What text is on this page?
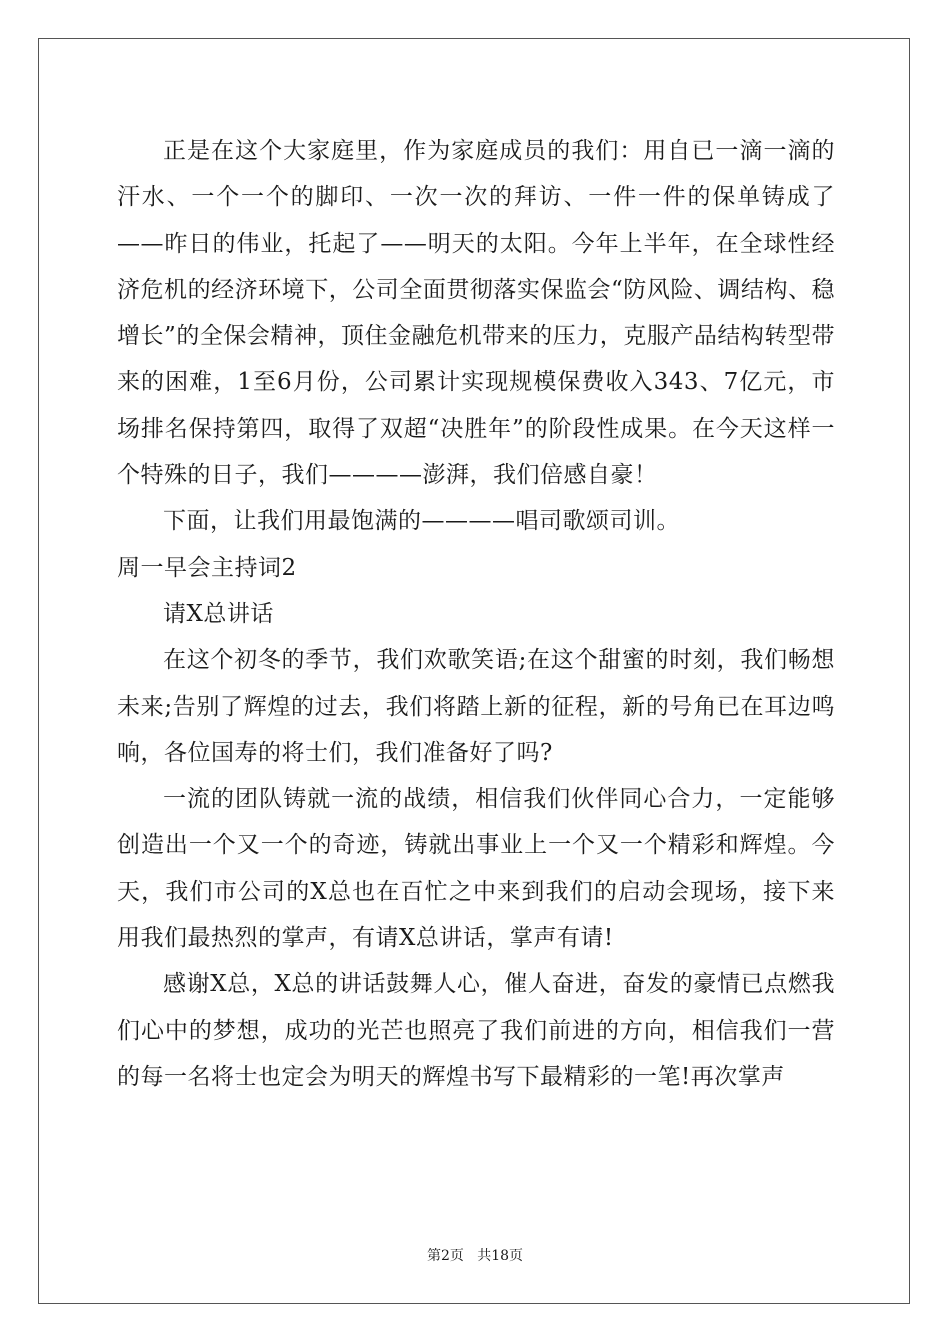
正是在这个大家庭里，作为家庭成员的我们：用自已一滴一滴的汗水、一个一个的脚印、一次一次的拜访、一件一件的保单铸成了——昨日的伟业，托起了——明天的太阳。今年上半年，在全球性经济危机的经济环境下，公司全面贯彻落实保监会“防风险、调结构、稳增长”的全保会精神，顶住金融危机带来的压力，克服产品结构转型带来的困难，1至6月份，公司累计实现规模保费收入343、7亿元，市场排名保持第四，取得了双超“决胜年”的阶段性成果。在今天这样一个特殊的日子，我们————澎湃，我们倍感自豪！

下面，让我们用最饱满的————唱司歌颂司训。

周一早会主持词2

请X总讲话

在这个初冬的季节，我们欢歌笑语;在这个甜蜜的时刻，我们畅想未来;告别了辉煌的过去，我们将踏上新的征程，新的号角已在耳边鸣响，各位国寿的将士们，我们准备好了吗?

一流的团队铸就一流的战绩，相信我们伙伴同心合力，一定能够创造出一个又一个的奇迹，铸就出事业上一个又一个精彩和辉煌。今天，我们市公司的X总也在百忙之中来到我们的启动会现场，接下来用我们最热烈的掌声，有请X总讲话，掌声有请!

感谢X总，X总的讲话鼓舞人心，催人奋进，奋发的豪情已点燃我们心中的梦想，成功的光芒也照亮了我们前进的方向，相信我们一营的每一名将士也定会为明天的辉煌书写下最精彩的一笔!再次掌声

第2页   共18页
